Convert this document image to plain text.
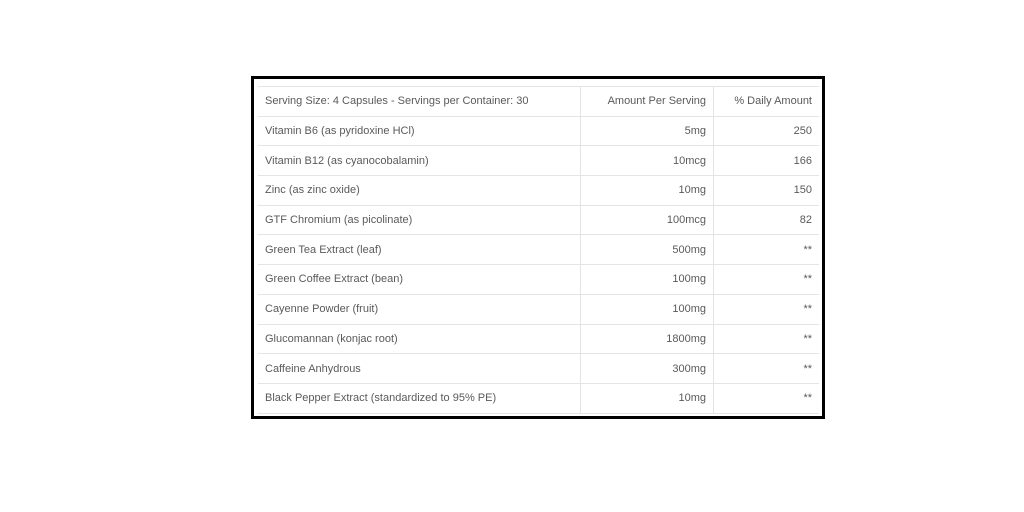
Serving Size: 4 Capsules - Servings per Container: 30	Amount Per Serving	% Daily Amount
Vitamin B6 (as pyridoxine HCl)	5mg	250
Vitamin B12 (as cyanocobalamin)	10mcg	166
Zinc (as zinc oxide)	10mg	150
GTF Chromium (as picolinate)	100mcg	82
Green Tea Extract (leaf)	500mg	**
Green Coffee Extract (bean)	100mg	**
Cayenne Powder (fruit)	100mg	**
Glucomannan (konjac root)	1800mg	**
Caffeine Anhydrous	300mg	**
Black Pepper Extract (standardized to 95% PE)	10mg	**
